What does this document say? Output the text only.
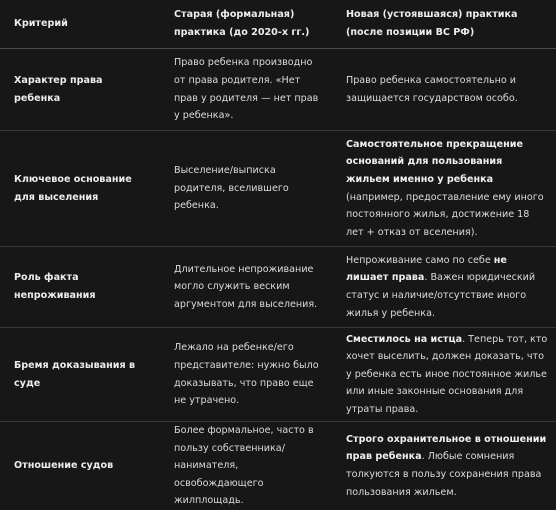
Критерий	Старая (формальная) практика (до 2020-х гг.)	Новая (устоявшаяся) практика (после позиции ВС РФ)
Характер права ребенка	Право ребенка производно от права родителя. «Нет прав у родителя — нет прав у ребенка».	Право ребенка самостоятельно и защищается государством особо.
Ключевое основание для выселения	Выселение/выписка родителя, вселившего ребенка.	Самостоятельное прекращение оснований для пользования жильем именно у ребенка (например, предоставление ему иного постоянного жилья, достижение 18 лет + отказ от вселения).
Роль факта непроживания	Длительное непроживание могло служить веским аргументом для выселения.	Непроживание само по себе не лишает права. Важен юридический статус и наличие/отсутствие иного жилья у ребенка.
Бремя доказывания в суде	Лежало на ребенке/его представителе: нужно было доказывать, что право еще не утрачено.	Сместилось на истца. Теперь тот, кто хочет выселить, должен доказать, что у ребенка есть иное постоянное жилье или иные законные основания для утраты права.
Отношение судов	Более формальное, часто в пользу собственника/нанимателя, освобождающего жилплощадь.	Строго охранительное в отношении прав ребенка. Любые сомнения толкуются в пользу сохранения права пользования жильем.
